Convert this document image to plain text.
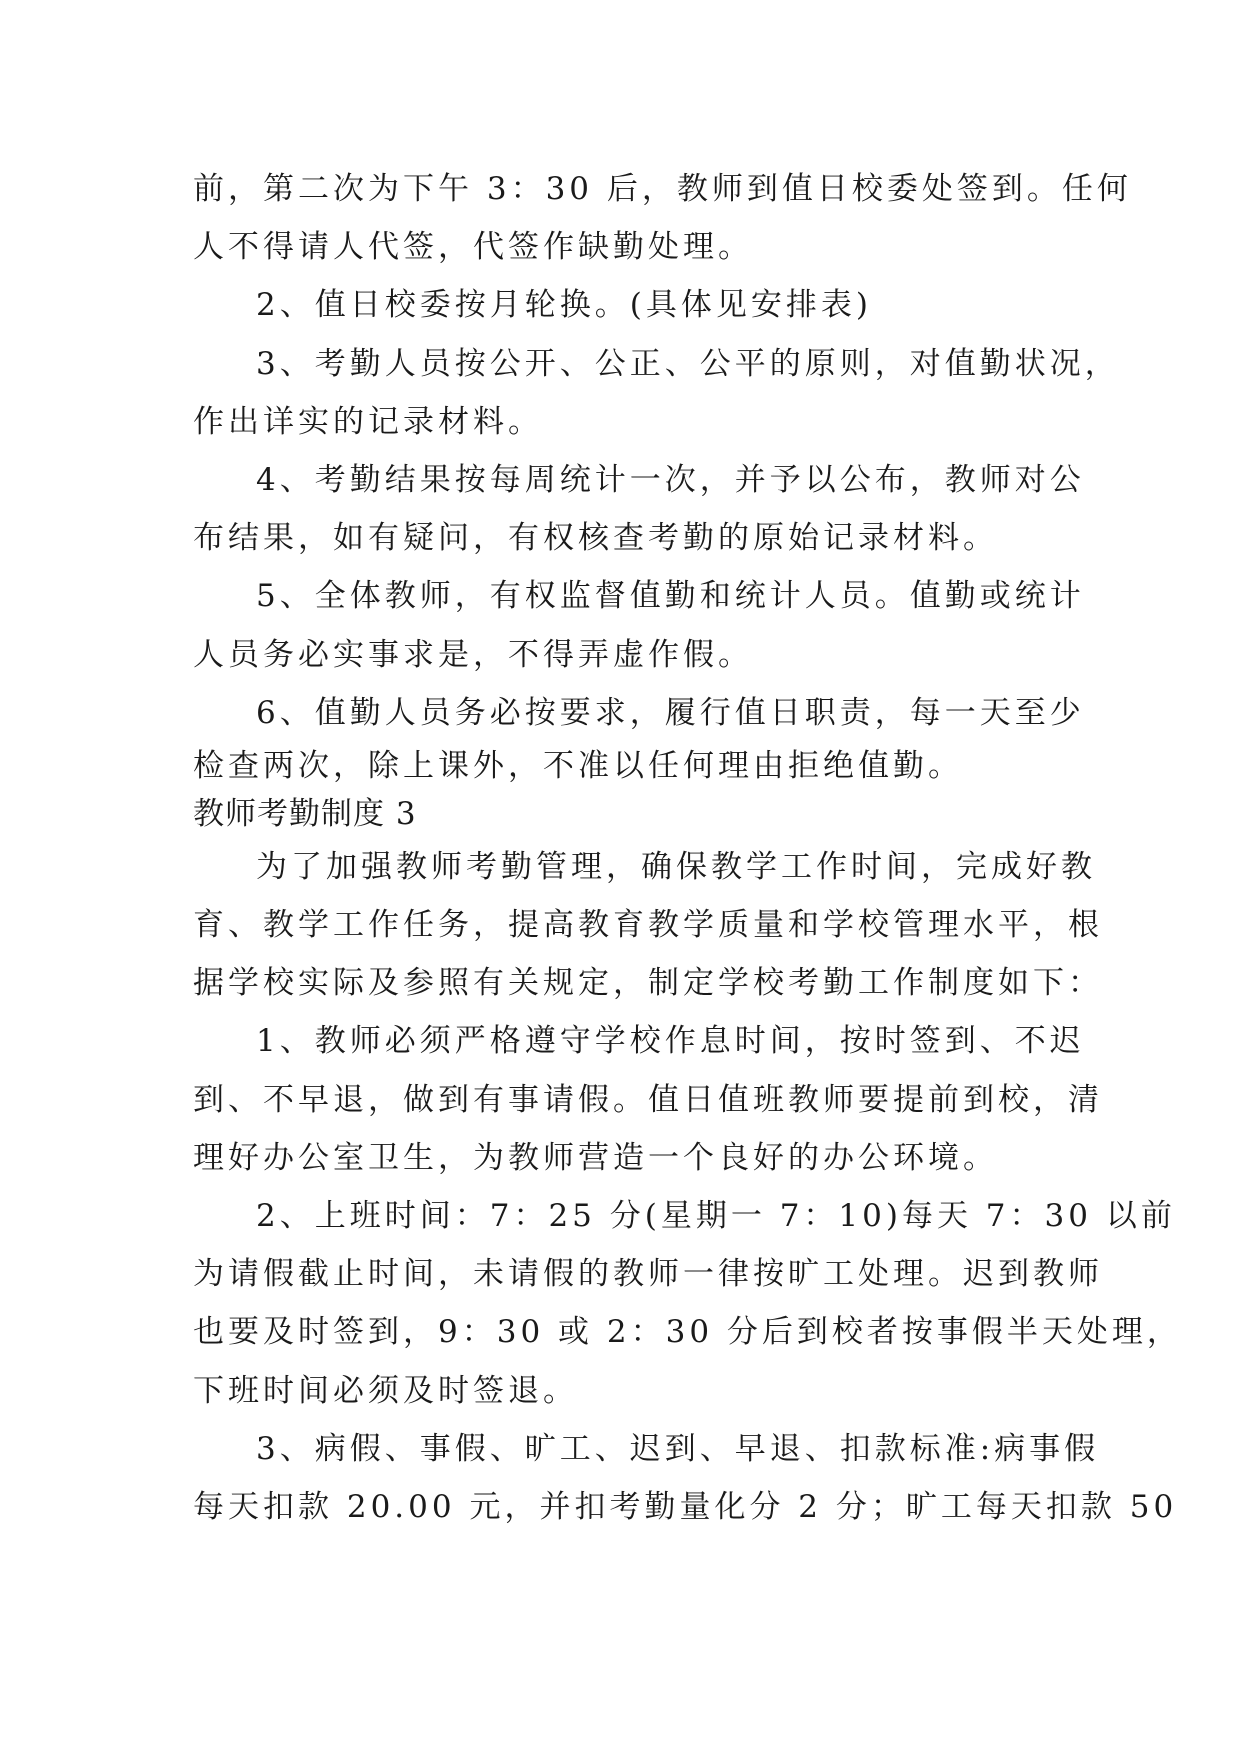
前，第二次为下午 3：30 后，教师到值日校委处签到。任何
人不得请人代签，代签作缺勤处理。
2、值日校委按月轮换。(具体见安排表)
3、考勤人员按公开、公正、公平的原则，对值勤状况，
作出详实的记录材料。
4、考勤结果按每周统计一次，并予以公布，教师对公
布结果，如有疑问，有权核查考勤的原始记录材料。
5、全体教师，有权监督值勤和统计人员。值勤或统计
人员务必实事求是，不得弄虚作假。
6、值勤人员务必按要求，履行值日职责，每一天至少
检查两次，除上课外，不准以任何理由拒绝值勤。
教师考勤制度 3
为了加强教师考勤管理，确保教学工作时间，完成好教
育、教学工作任务，提高教育教学质量和学校管理水平，根
据学校实际及参照有关规定，制定学校考勤工作制度如下：
1、教师必须严格遵守学校作息时间，按时签到、不迟
到、不早退，做到有事请假。值日值班教师要提前到校，清
理好办公室卫生，为教师营造一个良好的办公环境。
2、上班时间：7：25 分(星期一 7：10)每天 7：30 以前
为请假截止时间，未请假的教师一律按旷工处理。迟到教师
也要及时签到，9：30 或 2：30 分后到校者按事假半天处理，
下班时间必须及时签退。
3、病假、事假、旷工、迟到、早退、扣款标准:病事假
每天扣款 20.00 元，并扣考勤量化分 2 分；旷工每天扣款 50
